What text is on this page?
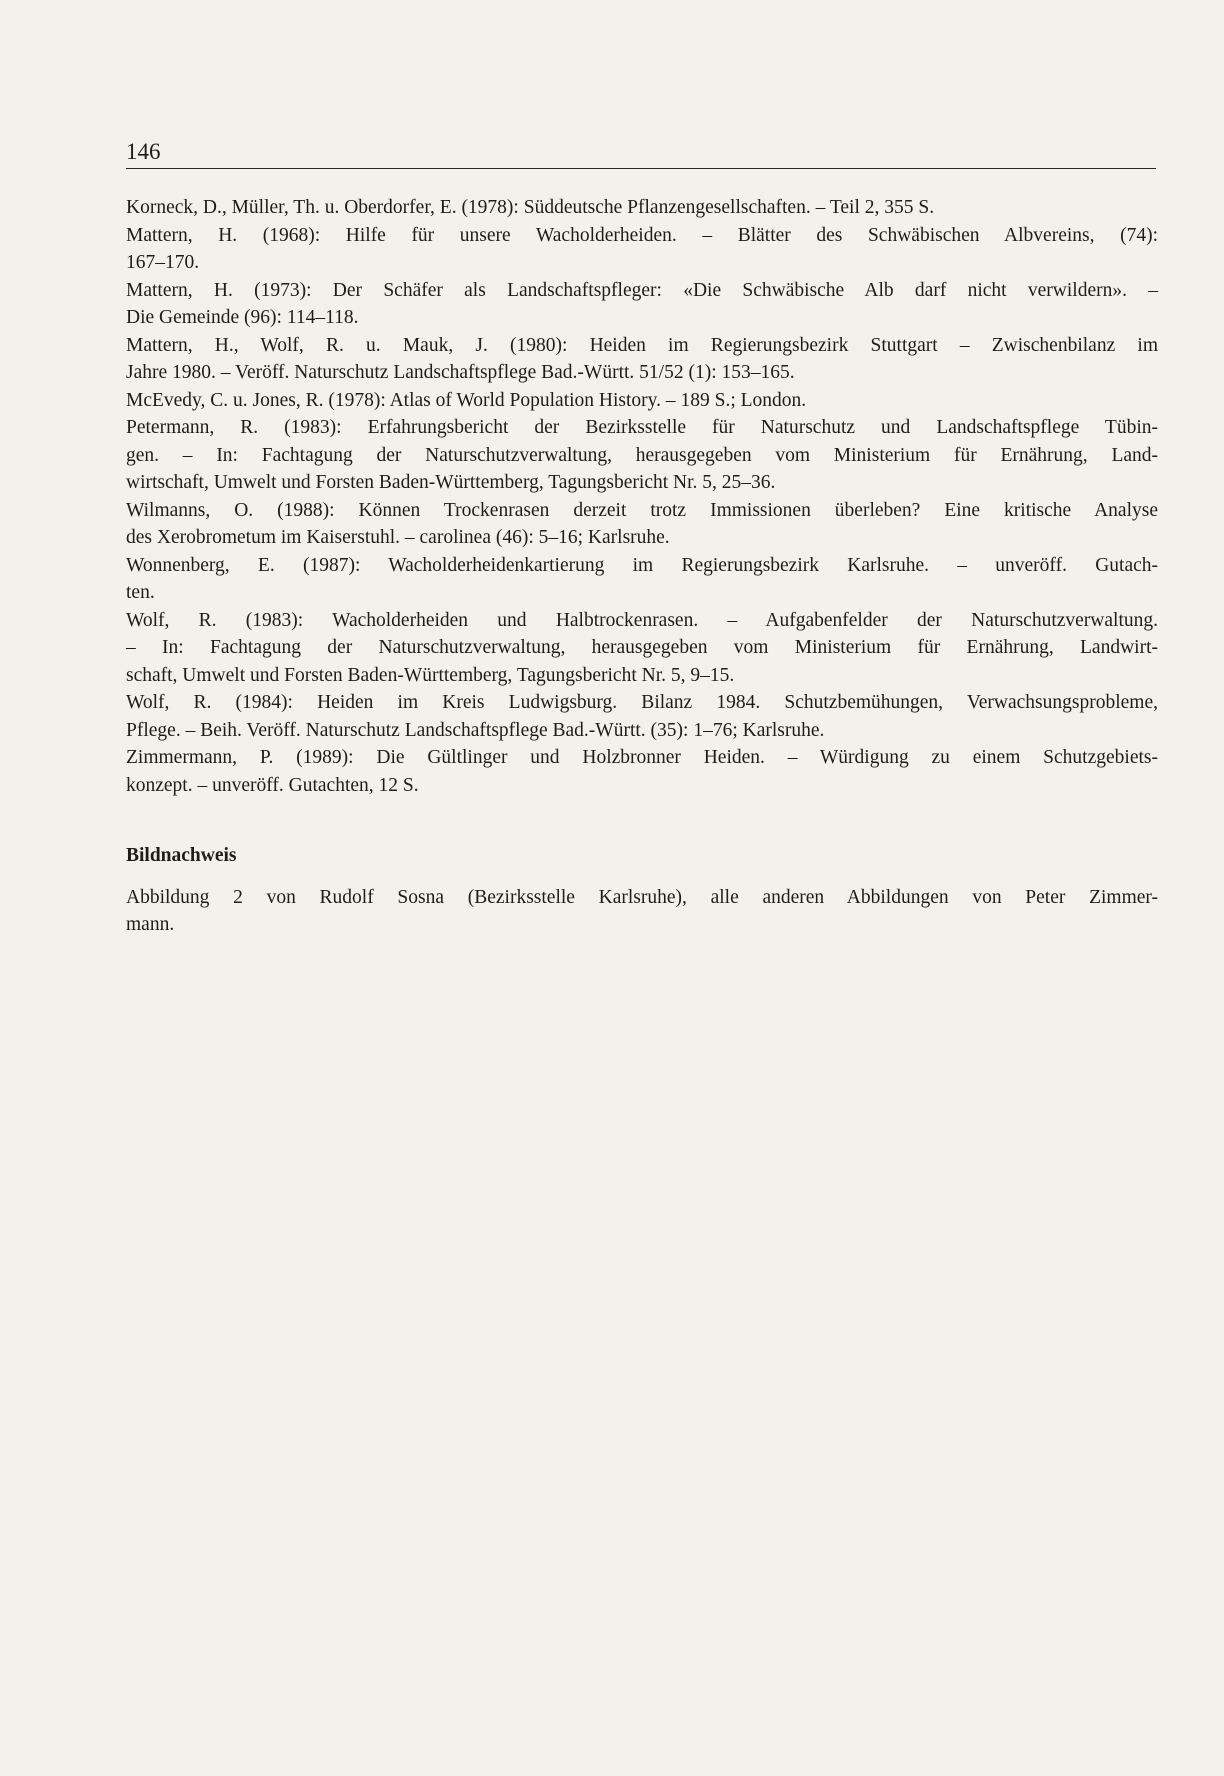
146

Korneck, D., Müller, Th. u. Oberdorfer, E. (1978): Süddeutsche Pflanzengesellschaften. – Teil 2, 355 S.

Mattern, H. (1968): Hilfe für unsere Wacholderheiden. – Blätter des Schwäbischen Albvereins, (74):
167–170.

Mattern, H. (1973): Der Schäfer als Landschaftspfleger: «Die Schwäbische Alb darf nicht verwildern». –
Die Gemeinde (96): 114–118.

Mattern, H., Wolf, R. u. Mauk, J. (1980): Heiden im Regierungsbezirk Stuttgart – Zwischenbilanz im
Jahre 1980. – Veröff. Naturschutz Landschaftspflege Bad.-Württ. 51/52 (1): 153–165.

McEvedy, C. u. Jones, R. (1978): Atlas of World Population History. – 189 S.; London.

Petermann, R. (1983): Erfahrungsbericht der Bezirksstelle für Naturschutz und Landschaftspflege Tübin-
gen. – In: Fachtagung der Naturschutzverwaltung, herausgegeben vom Ministerium für Ernährung, Land-
wirtschaft, Umwelt und Forsten Baden-Württemberg, Tagungsbericht Nr. 5, 25–36.

Wilmanns, O. (1988): Können Trockenrasen derzeit trotz Immissionen überleben? Eine kritische Analyse
des Xerobrometum im Kaiserstuhl. – carolinea (46): 5–16; Karlsruhe.

Wonnenberg, E. (1987): Wacholderheidenkartierung im Regierungsbezirk Karlsruhe. – unveröff. Gutach-
ten.

Wolf, R. (1983): Wacholderheiden und Halbtrockenrasen. – Aufgabenfelder der Naturschutzverwaltung.
– In: Fachtagung der Naturschutzverwaltung, herausgegeben vom Ministerium für Ernährung, Landwirt-
schaft, Umwelt und Forsten Baden-Württemberg, Tagungsbericht Nr. 5, 9–15.

Wolf, R. (1984): Heiden im Kreis Ludwigsburg. Bilanz 1984. Schutzbemühungen, Verwachsungsprobleme,
Pflege. – Beih. Veröff. Naturschutz Landschaftspflege Bad.-Württ. (35): 1–76; Karlsruhe.

Zimmermann, P. (1989): Die Gültlinger und Holzbronner Heiden. – Würdigung zu einem Schutzgebiets-
konzept. – unveröff. Gutachten, 12 S.

Bildnachweis
Abbildung 2 von Rudolf Sosna (Bezirksstelle Karlsruhe), alle anderen Abbildungen von Peter Zimmer-
mann.
